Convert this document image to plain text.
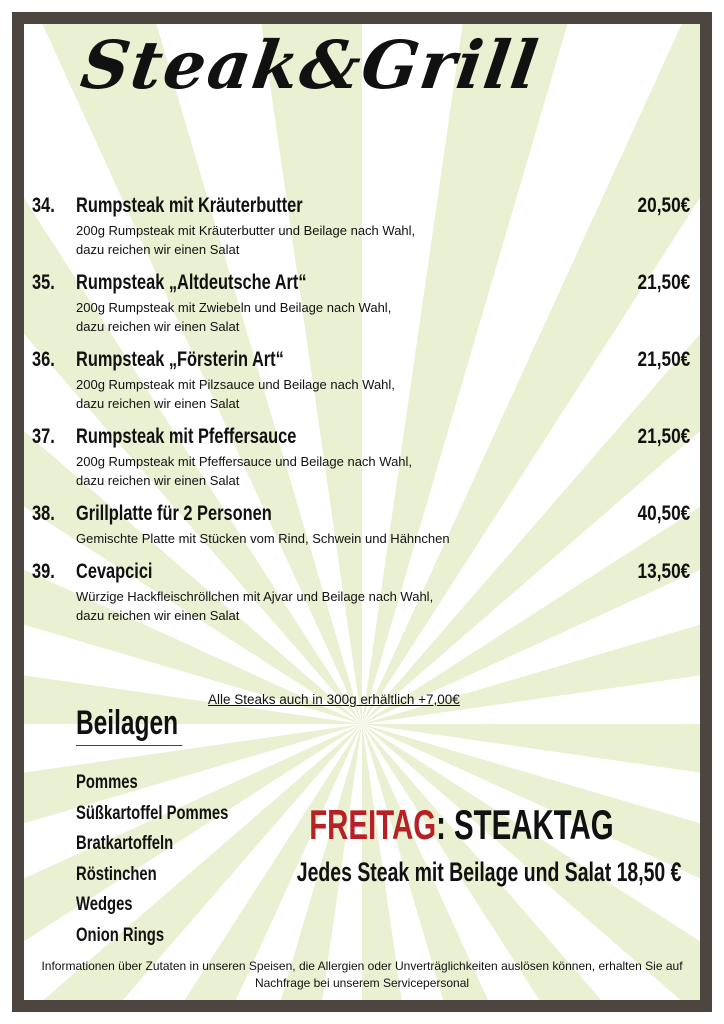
Steak&Grill
34. Rumpsteak mit Kräuterbutter	20,50€
200g Rumpsteak mit Kräuterbutter und Beilage nach Wahl,
dazu reichen wir einen Salat
35. Rumpsteak „Altdeutsche Art“	21,50€
200g Rumpsteak mit Zwiebeln und Beilage nach Wahl,
dazu reichen wir einen Salat
36. Rumpsteak „Försterin Art“	21,50€
200g Rumpsteak mit Pilzsauce und Beilage nach Wahl,
dazu reichen wir einen Salat
37. Rumpsteak mit Pfeffersauce	21,50€
200g Rumpsteak mit Pfeffersauce und Beilage nach Wahl,
dazu reichen wir einen Salat
38. Grillplatte für 2 Personen	40,50€
Gemischte Platte mit Stücken vom Rind, Schwein und Hähnchen
39. Cevapcici	13,50€
Würzige Hackfleischröllchen mit Ajvar und Beilage nach Wahl,
dazu reichen wir einen Salat
Alle Steaks auch in 300g erhältlich +7,00€
Beilagen
Pommes
Süßkartoffel Pommes
Bratkartoffeln
Röstinchen
Wedges
Onion Rings
FREITAG: STEAKTAG
Jedes Steak mit Beilage und Salat 18,50 €
Informationen über Zutaten in unseren Speisen, die Allergien oder Unverträglichkeiten auslösen können, erhalten Sie auf
Nachfrage bei unserem Servicepersonal
